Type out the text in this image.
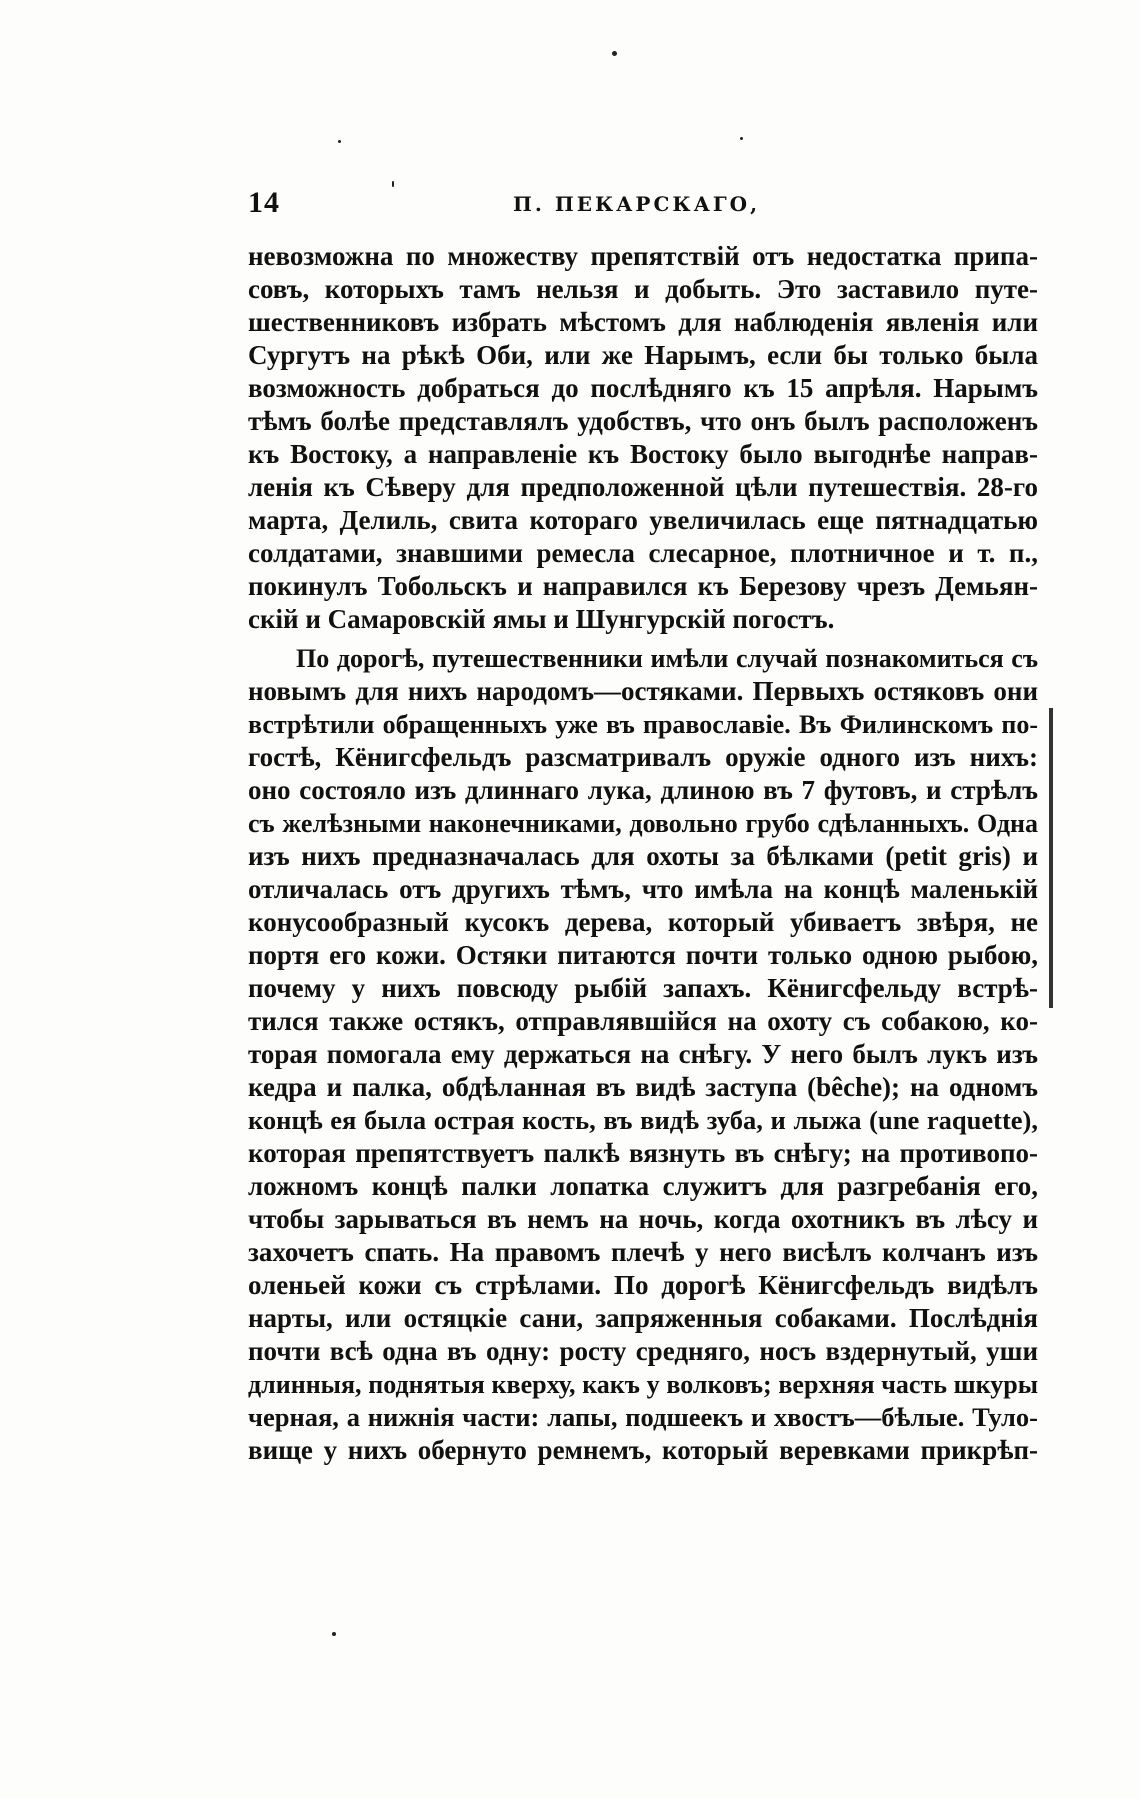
14	П. ПЕКАРСКАГО,
невозможна по множеству препятствій отъ недостатка припа-
совъ, которыхъ тамъ нельзя и добыть. Это заставило путе-
шественниковъ избрать мѣстомъ для наблюденія явленія или
Сургутъ на рѣкѣ Оби, или же Нарымъ, если бы только была
возможность добраться до послѣдняго къ 15 апрѣля. Нарымъ
тѣмъ болѣе представлялъ удобствъ, что онъ былъ расположенъ
къ Востоку, а направленіе къ Востоку было выгоднѣе направ-
ленія къ Сѣверу для предположенной цѣли путешествія. 28-го
марта, Делиль, свита котораго увеличилась еще пятнадцатью
солдатами, знавшими ремесла слесарное, плотничное и т. п.,
покинулъ Тобольскъ и направился къ Березову чрезъ Демьян-
скій и Самаровскій ямы и Шунгурскій погостъ.
По дорогѣ, путешественники имѣли случай познакомиться съ
новымъ для нихъ народомъ—остяками. Первыхъ остяковъ они
встрѣтили обращенныхъ уже въ православіе. Въ Филинскомъ по-
гостѣ, Кёнигсфельдъ разсматривалъ оружіе одного изъ нихъ:
оно состояло изъ длиннаго лука, длиною въ 7 футовъ, и стрѣлъ
съ желѣзными наконечниками, довольно грубо сдѣланныхъ. Одна
изъ нихъ предназначалась для охоты за бѣлками (petit gris) и
отличалась отъ другихъ тѣмъ, что имѣла на концѣ маленькій
конусообразный кусокъ дерева, который убиваетъ звѣря, не
портя его кожи. Остяки питаются почти только одною рыбою,
почему у нихъ повсюду рыбій запахъ. Кёнигсфельду встрѣ-
тился также остякъ, отправлявшійся на охоту съ собакою, ко-
торая помогала ему держаться на снѣгу. У него былъ лукъ изъ
кедра и палка, обдѣланная въ видѣ заступа (bêche); на одномъ
концѣ ея была острая кость, въ видѣ зуба, и лыжа (une raquette),
которая препятствуетъ палкѣ вязнуть въ снѣгу; на противопо-
ложномъ концѣ палки лопатка служитъ для разгребанія его,
чтобы зарываться въ немъ на ночь, когда охотникъ въ лѣсу и
захочетъ спать. На правомъ плечѣ у него висѣлъ колчанъ изъ
оленьей кожи съ стрѣлами. По дорогѣ Кёнигсфельдъ видѣлъ
нарты, или остяцкіе сани, запряженныя собаками. Послѣднія
почти всѣ одна въ одну: росту средняго, носъ вздернутый, уши
длинныя, поднятыя кверху, какъ у волковъ; верхняя часть шкуры
черная, а нижнія части: лапы, подшеекъ и хвостъ—бѣлые. Туло-
вище у нихъ обернуто ремнемъ, который веревками прикрѣп-
